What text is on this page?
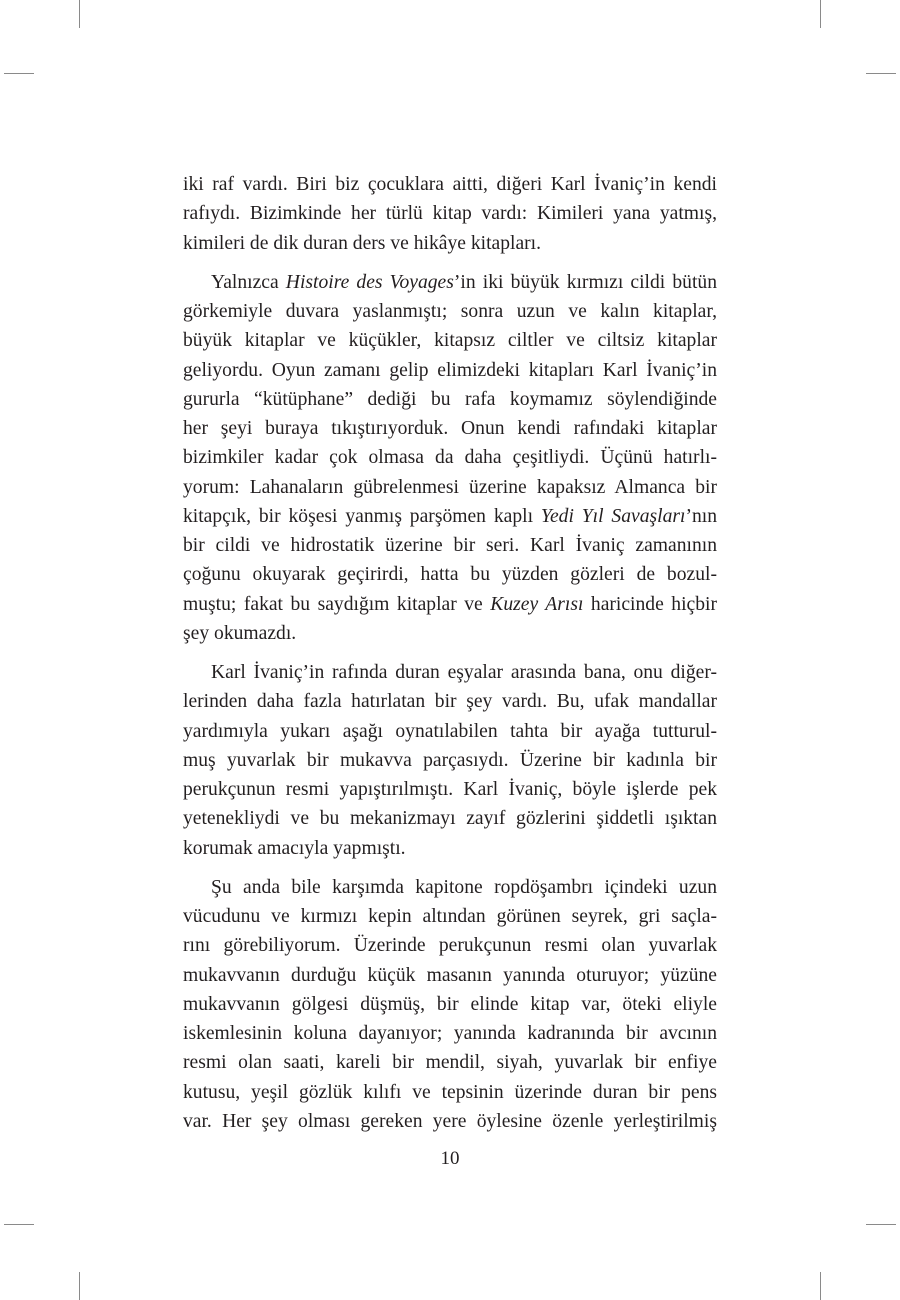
iki raf vardı. Biri biz çocuklara aitti, diğeri Karl İvaniç’in kendi
rafıydı. Bizimkinde her türlü kitap vardı: Kimileri yana yatmış,
kimileri de dik duran ders ve hikâye kitapları.
Yalnızca Histoire des Voyages’in iki büyük kırmızı cildi bütün
görkemiyle duvara yaslanmıştı; sonra uzun ve kalın kitaplar,
büyük kitaplar ve küçükler, kitapsız ciltler ve ciltsiz kitaplar
geliyordu. Oyun zamanı gelip elimizdeki kitapları Karl İvaniç’in
gururla “kütüphane” dediği bu rafa koymamız söylendiğinde
her şeyi buraya tıkıştırıyorduk. Onun kendi rafındaki kitaplar
bizimkiler kadar çok olmasa da daha çeşitliydi. Üçünü hatırlı-
yorum: Lahanaların gübrelenmesi üzerine kapaksız Almanca bir
kitapçık, bir köşesi yanmış parşömen kaplı Yedi Yıl Savaşları’nın
bir cildi ve hidrostatik üzerine bir seri. Karl İvaniç zamanının
çoğunu okuyarak geçirirdi, hatta bu yüzden gözleri de bozul-
muştu; fakat bu saydığım kitaplar ve Kuzey Arısı haricinde hiçbir
şey okumazdı.
Karl İvaniç’in rafında duran eşyalar arasında bana, onu diğer-
lerinden daha fazla hatırlatan bir şey vardı. Bu, ufak mandallar
yardımıyla yukarı aşağı oynatılabilen tahta bir ayağa tutturul-
muş yuvarlak bir mukavva parçasıydı. Üzerine bir kadınla bir
perukçunun resmi yapıştırılmıştı. Karl İvaniç, böyle işlerde pek
yetenekliydi ve bu mekanizmayı zayıf gözlerini şiddetli ışıktan
korumak amacıyla yapmıştı.
Şu anda bile karşımda kapitone ropdöşambrı içindeki uzun
vücudunu ve kırmızı kepin altından görünen seyrek, gri saçla-
rını görebiliyorum. Üzerinde perukçunun resmi olan yuvarlak
mukavvanın durduğu küçük masanın yanında oturuyor; yüzüne
mukavvanın gölgesi düşmüş, bir elinde kitap var, öteki eliyle
iskemlesinin koluna dayanıyor; yanında kadranında bir avcının
resmi olan saati, kareli bir mendil, siyah, yuvarlak bir enfiye
kutusu, yeşil gözlük kılıfı ve tepsinin üzerinde duran bir pens
var. Her şey olması gereken yere öylesine özenle yerleştirilmiş
10
